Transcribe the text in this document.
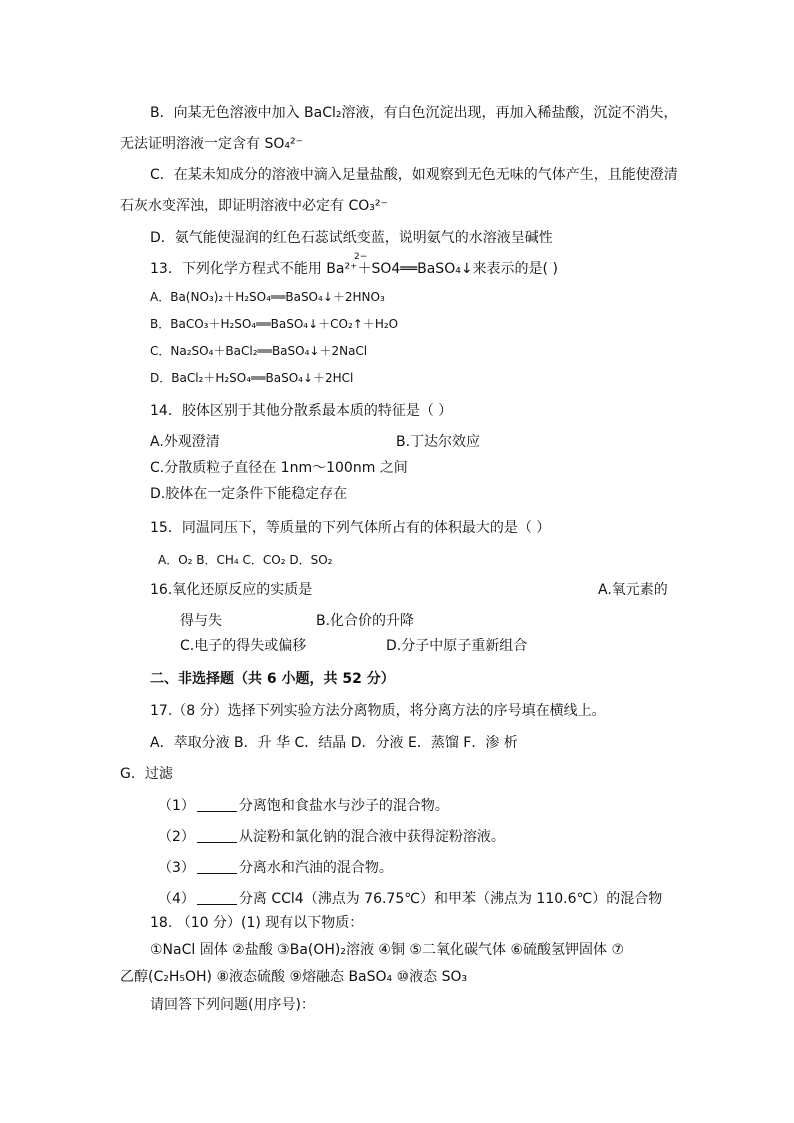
B．向某无色溶液中加入 BaCl₂溶液，有白色沉淀出现，再加入稀盐酸，沉淀不消失，
无法证明溶液一定含有 SO₄²⁻
C．在某未知成分的溶液中滴入足量盐酸，如观察到无色无味的气体产生，且能使澄清
石灰水变浑浊，即证明溶液中必定有 CO₃²⁻
D．氨气能使湿润的红色石蕊试纸变蓝，说明氨气的水溶液呈碱性
2−
13．下列化学方程式不能用 Ba²⁺＋SO4══BaSO₄↓来表示的是( )
A．Ba(NO₃)₂＋H₂SO₄══BaSO₄↓＋2HNO₃
B．BaCO₃＋H₂SO₄══BaSO₄↓＋CO₂↑＋H₂O
C．Na₂SO₄＋BaCl₂══BaSO₄↓＋2NaCl
D．BaCl₂＋H₂SO₄══BaSO₄↓＋2HCl
14．胶体区别于其他分散系最本质的特征是（ ）
A.外观澄清	B.丁达尔效应
C.分散质粒子直径在 1nm～100nm 之间
D.胶体在一定条件下能稳定存在
15．同温同压下，等质量的下列气体所占有的体积最大的是（ ）
A．O₂ B．CH₄ C．CO₂ D．SO₂
16.氧化还原反应的实质是	A.氧元素的
得与失	B.化合价的升降
C.电子的得失或偏移	D.分子中原子重新组合
二、非选择题（共 6 小题，共 52 分）
17.（8 分）选择下列实验方法分离物质，将分离方法的序号填在横线上。
A．萃取分液 B．升 华 C．结晶 D．分液 E．蒸馏 F．渗 析
G．过滤
（1）	分离饱和食盐水与沙子的混合物。
（2）	从淀粉和氯化钠的混合液中获得淀粉溶液。
（3）	分离水和汽油的混合物。
（4）	分离 CCl4（沸点为 76.75℃）和甲苯（沸点为 110.6℃）的混合物
18. （10 分）(1) 现有以下物质：
①NaCl 固体 ②盐酸 ③Ba(OH)₂溶液 ④铜 ⑤二氧化碳气体 ⑥硫酸氢钾固体 ⑦
乙醇(C₂H₅OH) ⑧液态硫酸 ⑨熔融态 BaSO₄ ⑩液态 SO₃
请回答下列问题(用序号)：
